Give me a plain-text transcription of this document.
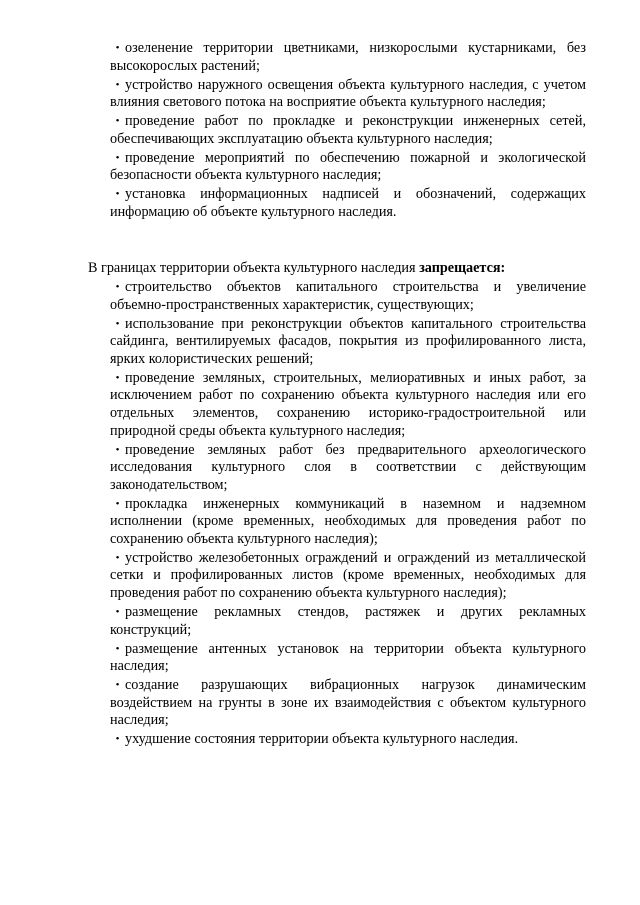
• озеленение территории цветниками, низкорослыми кустарниками, без высокорослых растений;
• устройство наружного освещения объекта культурного наследия, с учетом влияния светового потока на восприятие объекта культурного наследия;
• проведение работ по прокладке и реконструкции инженерных сетей, обеспечивающих эксплуатацию объекта культурного наследия;
• проведение мероприятий по обеспечению пожарной и экологической безопасности объекта культурного наследия;
• установка информационных надписей и обозначений, содержащих информацию об объекте культурного наследия.
В границах территории объекта культурного наследия запрещается:
• строительство объектов капитального строительства и увеличение объемно-пространственных характеристик, существующих;
• использование при реконструкции объектов капитального строительства сайдинга, вентилируемых фасадов, покрытия из профилированного листа, ярких колористических решений;
• проведение земляных, строительных, мелиоративных и иных работ, за исключением работ по сохранению объекта культурного наследия или его отдельных элементов, сохранению историко-градостроительной или природной среды объекта культурного наследия;
• проведение земляных работ без предварительного археологического исследования культурного слоя в соответствии с действующим законодательством;
• прокладка инженерных коммуникаций в наземном и надземном исполнении (кроме временных, необходимых для проведения работ по сохранению объекта культурного наследия);
• устройство железобетонных ограждений и ограждений из металлической сетки и профилированных листов (кроме временных, необходимых для проведения работ по сохранению объекта культурного наследия);
• размещение рекламных стендов, растяжек и других рекламных конструкций;
• размещение антенных установок на территории объекта культурного наследия;
• создание разрушающих вибрационных нагрузок динамическим воздействием на грунты в зоне их взаимодействия с объектом культурного наследия;
• ухудшение состояния территории объекта культурного наследия.
